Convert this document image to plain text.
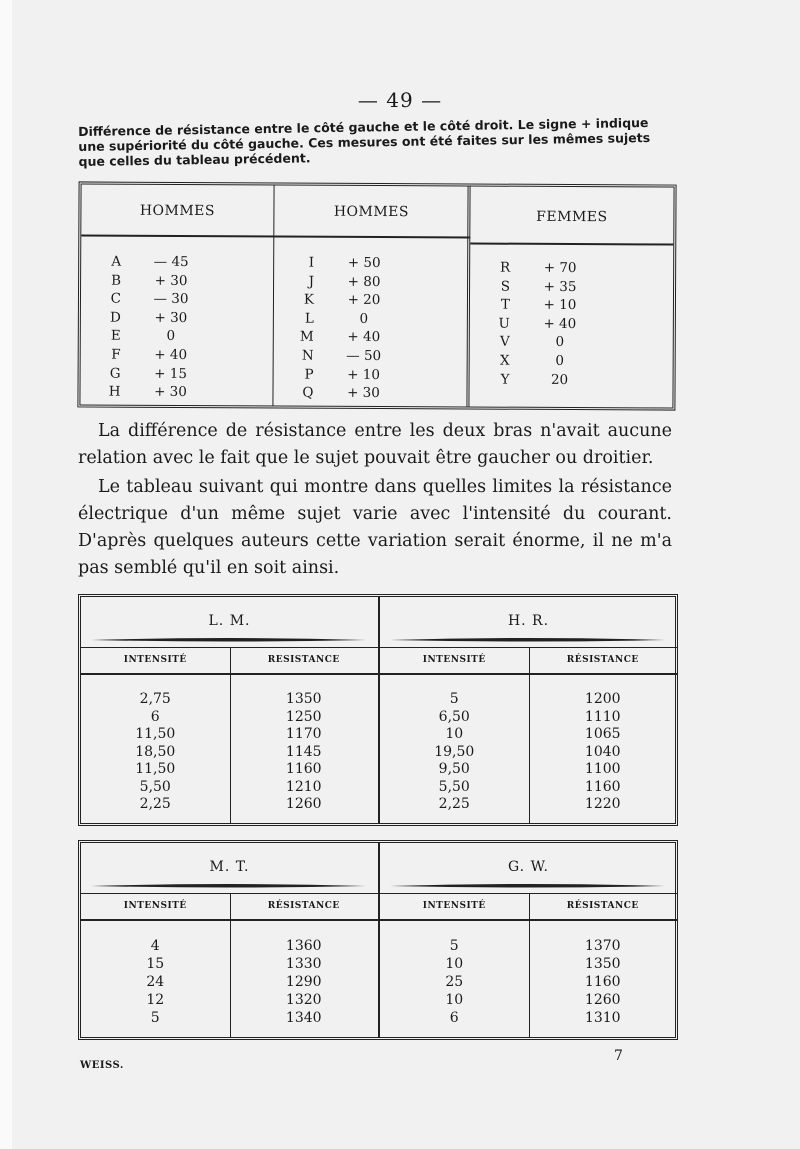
— 49 —
Différence de résistance entre le côté gauche et le côté droit. Le signe + indique une supériorité du côté gauche. Ces mesures ont été faites sur les mêmes sujets que celles du tableau précédent.
HOMMES
A	— 45
B	+ 30
C	— 30
D	+ 30
E	0
F	+ 40
G	+ 15
H	+ 30
HOMMES
I	+ 50
J	+ 80
K	+ 20
L	0
M	+ 40
N	— 50
P	+ 10
Q	+ 30
FEMMES
R	+ 70
S	+ 35
T	+ 10
U	+ 40
V	0
X	0
Y	20

La différence de résistance entre les deux bras n'avait aucune relation avec le fait que le sujet pouvait être gaucher ou droitier.

Le tableau suivant qui montre dans quelles limites la résistance électrique d'un même sujet varie avec l'intensité du courant. D'après quelques auteurs cette variation serait énorme, il ne m'a pas semblé qu'il en soit ainsi.

L. M.
INTENSITÉ	RESISTANCE
2,75	1350
6	1250
11,50	1170
18,50	1145
11,50	1160
5,50	1210
2,25	1260
H. R.
INTENSITÉ	RÉSISTANCE
5	1200
6,50	1110
10	1065
19,50	1040
9,50	1100
5,50	1160
2,25	1220
M. T.
INTENSITÉ	RÉSISTANCE
4	1360
15	1330
24	1290
12	1320
5	1340
G. W.
INTENSITÉ	RÉSISTANCE
5	1370
10	1350
25	1160
10	1260
6	1310
WEISS.
7
